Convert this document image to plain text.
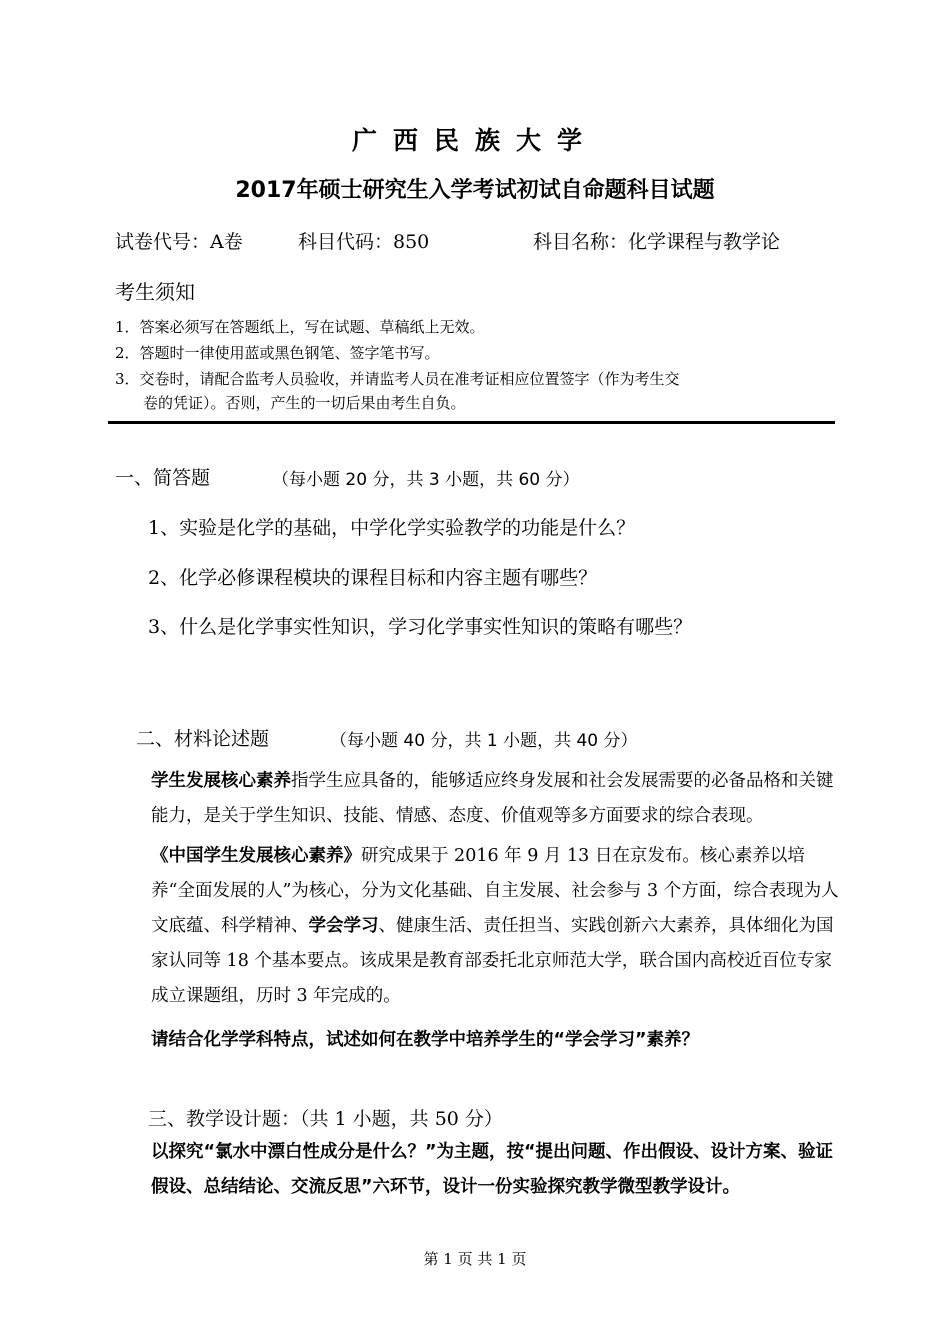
广西民族大学
2017年硕士研究生入学考试初试自命题科目试题
试卷代号：A卷	科目代码：850	科目名称：化学课程与教学论
考生须知
1．答案必须写在答题纸上，写在试题、草稿纸上无效。
2．答题时一律使用蓝或黑色钢笔、签字笔书写。
3．交卷时，请配合监考人员验收，并请监考人员在准考证相应位置签字（作为考生交
卷的凭证）。否则，产生的一切后果由考生自负。
一、简答题	（每小题 20 分，共 3 小题，共 60 分）
1、实验是化学的基础，中学化学实验教学的功能是什么？
2、化学必修课程模块的课程目标和内容主题有哪些？
3、什么是化学事实性知识，学习化学事实性知识的策略有哪些？
二、材料论述题	（每小题 40 分，共 1 小题，共 40 分）
学生发展核心素养指学生应具备的，能够适应终身发展和社会发展需要的必备品格和关键能力，是关于学生知识、技能、情感、态度、价值观等多方面要求的综合表现。
《中国学生发展核心素养》研究成果于 2016 年 9 月 13 日在京发布。核心素养以培养“全面发展的人”为核心，分为文化基础、自主发展、社会参与 3 个方面，综合表现为人文底蕴、科学精神、学会学习、健康生活、责任担当、实践创新六大素养，具体细化为国家认同等 18 个基本要点。该成果是教育部委托北京师范大学，联合国内高校近百位专家成立课题组，历时 3 年完成的。
请结合化学学科特点，试述如何在教学中培养学生的“学会学习”素养？
三、教学设计题：（共 1 小题，共 50 分）
以探究“氯水中漂白性成分是什么？”为主题，按“提出问题、作出假设、设计方案、验证假设、总结结论、交流反思”六环节，设计一份实验探究教学微型教学设计。
第 1 页 共 1 页
